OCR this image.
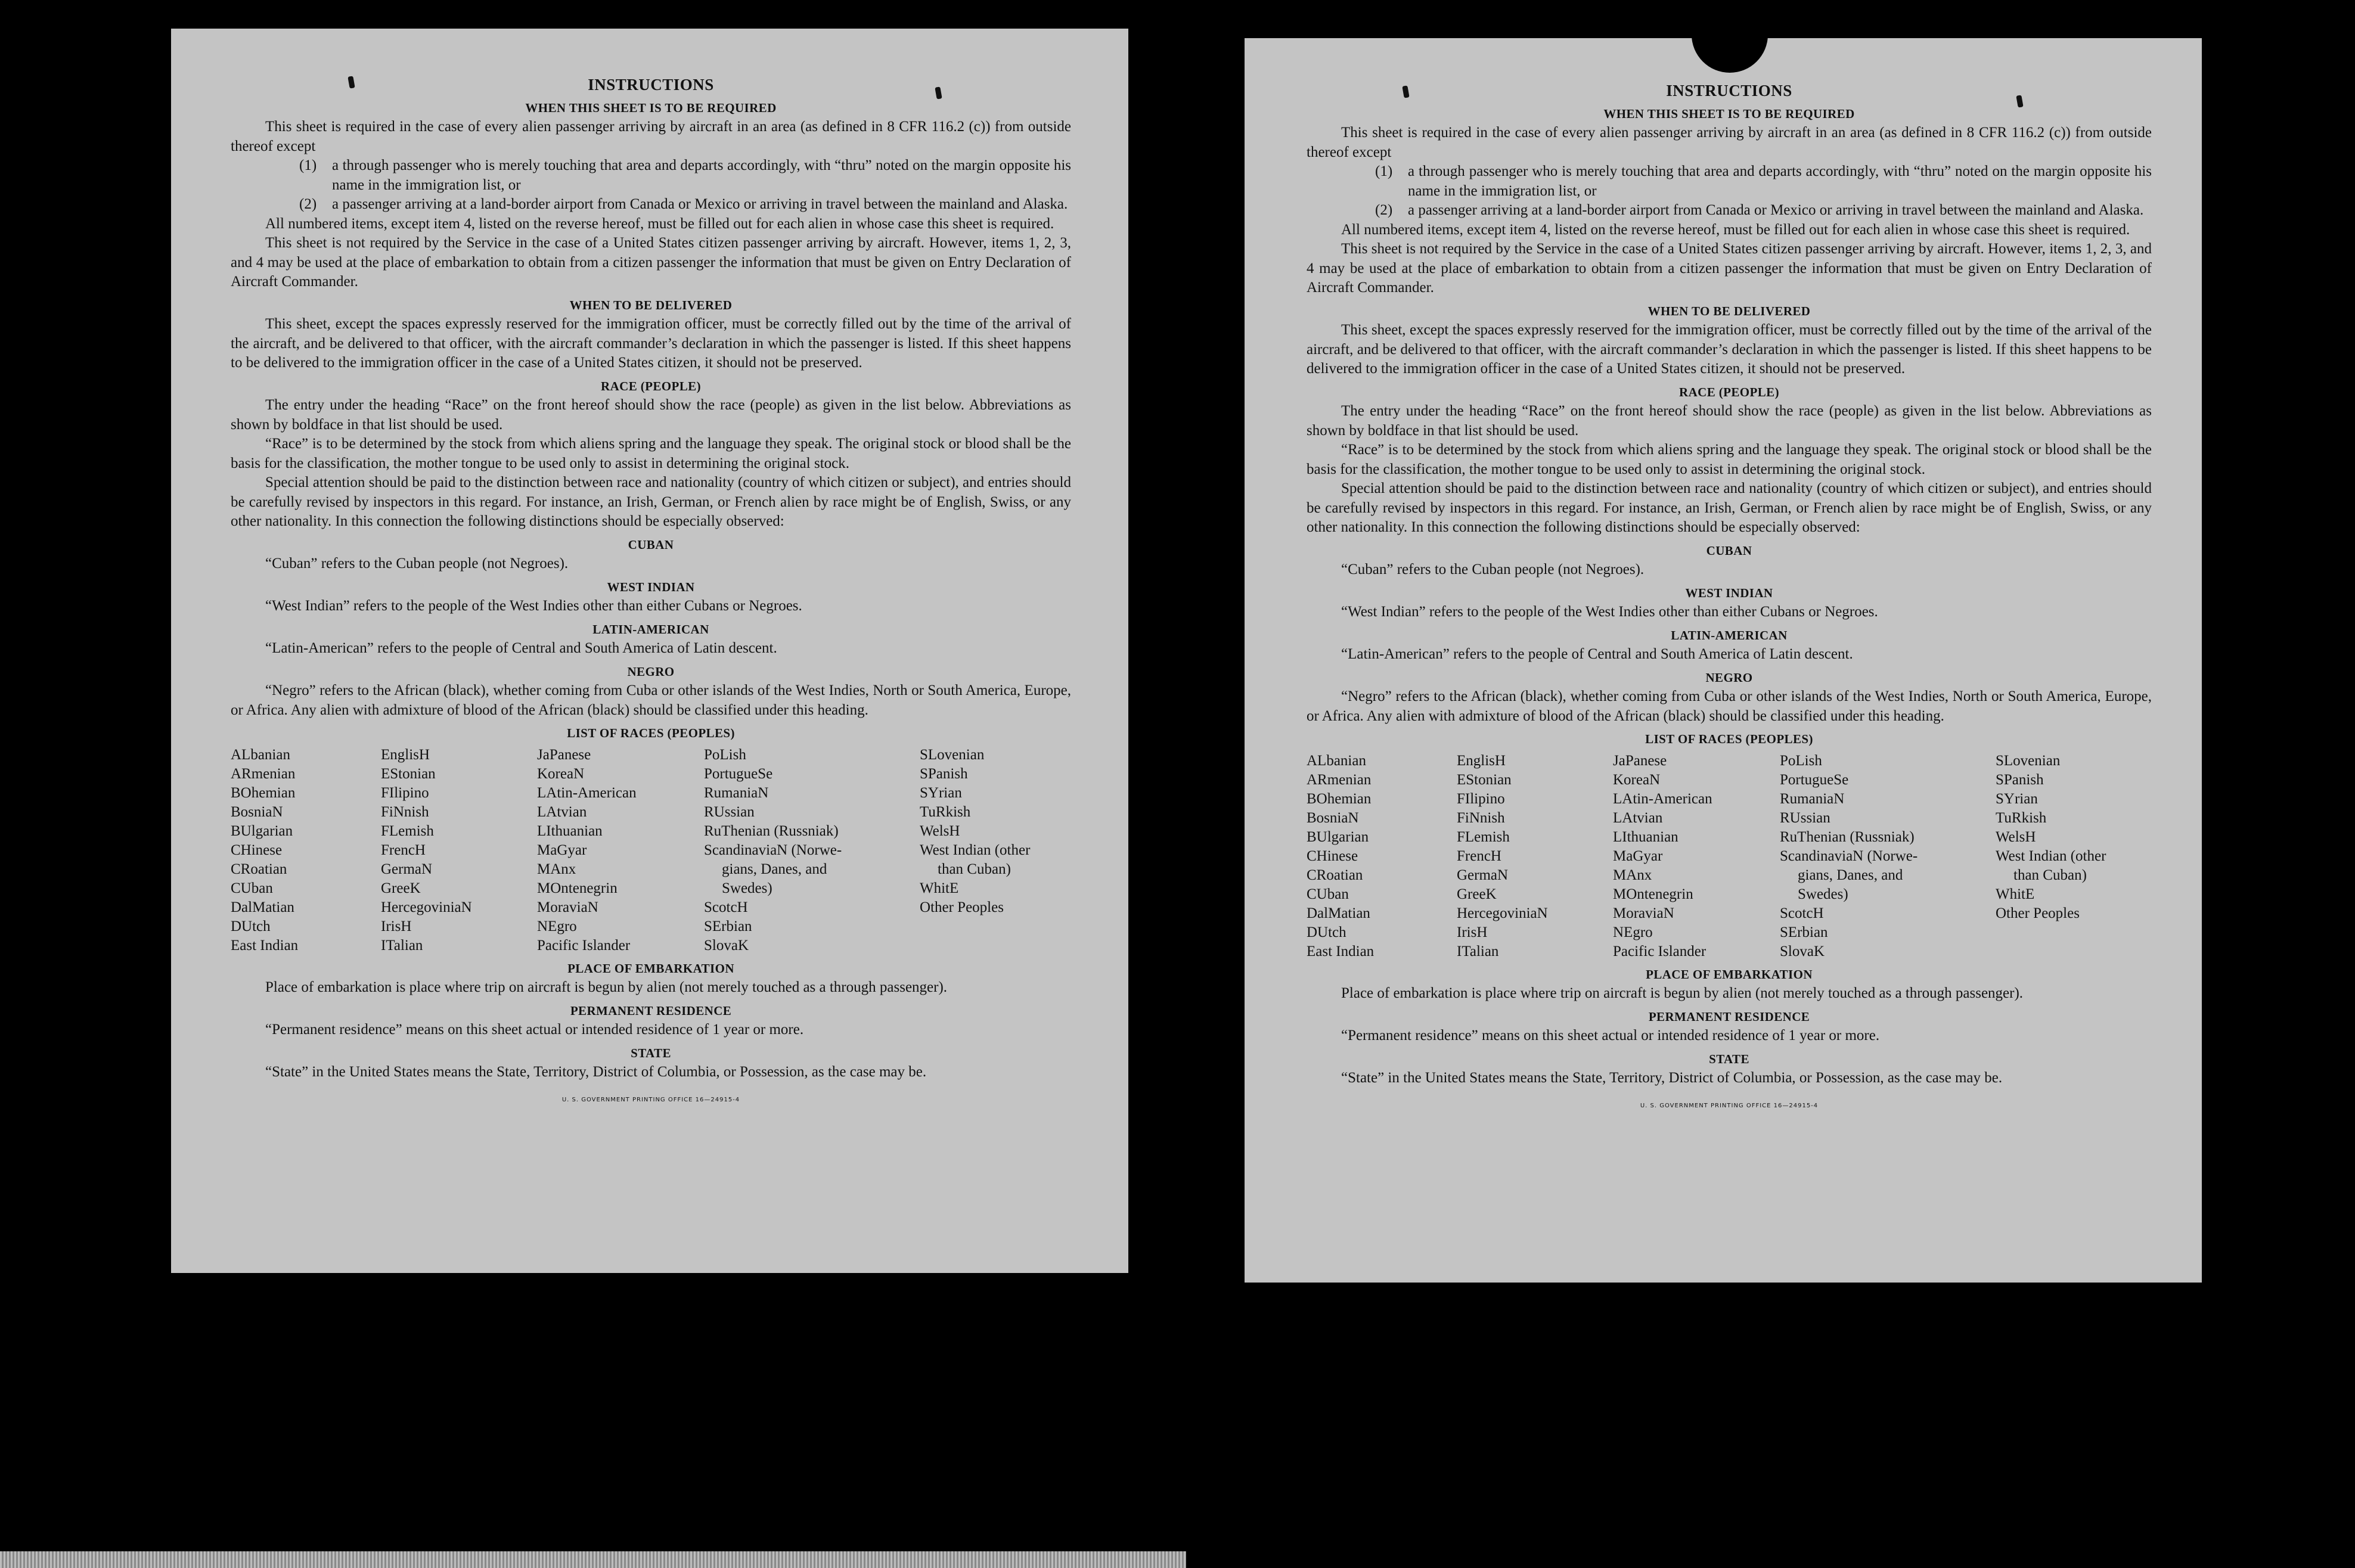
INSTRUCTIONS
WHEN THIS SHEET IS TO BE REQUIRED

This sheet is required in the case of every alien passenger arriving by aircraft in an area (as defined in 8 CFR 116.2 (c)) from outside thereof except

(1) a through passenger who is merely touching that area and departs accordingly, with “thru” noted on the margin opposite his name in the immigration list, or
(2) a passenger arriving at a land-border airport from Canada or Mexico or arriving in travel between the mainland and Alaska.

All numbered items, except item 4, listed on the reverse hereof, must be filled out for each alien in whose case this sheet is required.

This sheet is not required by the Service in the case of a United States citizen passenger arriving by aircraft. However, items 1, 2, 3, and 4 may be used at the place of embarkation to obtain from a citizen passenger the information that must be given on Entry Declaration of Aircraft Commander.

WHEN TO BE DELIVERED

This sheet, except the spaces expressly reserved for the immigration officer, must be correctly filled out by the time of the arrival of the aircraft, and be delivered to that officer, with the aircraft commander’s declaration in which the passenger is listed. If this sheet happens to be delivered to the immigration officer in the case of a United States citizen, it should not be preserved.

RACE (PEOPLE)

The entry under the heading “Race” on the front hereof should show the race (people) as given in the list below. Abbreviations as shown by boldface in that list should be used.

“Race” is to be determined by the stock from which aliens spring and the language they speak. The original stock or blood shall be the basis for the classification, the mother tongue to be used only to assist in determining the original stock.

Special attention should be paid to the distinction between race and nationality (country of which citizen or subject), and entries should be carefully revised by inspectors in this regard. For instance, an Irish, German, or French alien by race might be of English, Swiss, or any other nationality. In this connection the following distinctions should be especially observed:

CUBAN

“Cuban” refers to the Cuban people (not Negroes).

WEST INDIAN

“West Indian” refers to the people of the West Indies other than either Cubans or Negroes.

LATIN-AMERICAN

“Latin-American” refers to the people of Central and South America of Latin descent.

NEGRO

“Negro” refers to the African (black), whether coming from Cuba or other islands of the West Indies, North or South America, Europe, or Africa. Any alien with admixture of blood of the African (black) should be classified under this heading.

LIST OF RACES (PEOPLES)
ALbanian
ARmenian
BOhemian
BosniaN
BUlgarian
CHinese
CRoatian
CUban
DalMatian
DUtch
East Indian
EnglisH
EStonian
FIlipino
FiNnish
FLemish
FrencH
GermaN
GreeK
HercegoviniaN
IrisH
ITalian
JaPanese
KoreaN
LAtin-American
LAtvian
LIthuanian
MaGyar
MAnx
MOntenegrin
MoraviaN
NEgro
Pacific Islander
PoLish
PortugueSe
RumaniaN
RUssian
RuThenian (Russniak)
ScandinaviaN (Norwe-
gians, Danes, and
Swedes)
ScotcH
SErbian
SlovaK
SLovenian
SPanish
SYrian
TuRkish
WelsH
West Indian (other
than Cuban)
WhitE
Other Peoples
PLACE OF EMBARKATION

Place of embarkation is place where trip on aircraft is begun by alien (not merely touched as a through passenger).

PERMANENT RESIDENCE

“Permanent residence” means on this sheet actual or intended residence of 1 year or more.

STATE

“State” in the United States means the State, Territory, District of Columbia, or Possession, as the case may be.

U. S. GOVERNMENT PRINTING OFFICE 16—24915-4
INSTRUCTIONS
WHEN THIS SHEET IS TO BE REQUIRED

This sheet is required in the case of every alien passenger arriving by aircraft in an area (as defined in 8 CFR 116.2 (c)) from outside thereof except

(1) a through passenger who is merely touching that area and departs accordingly, with “thru” noted on the margin opposite his name in the immigration list, or
(2) a passenger arriving at a land-border airport from Canada or Mexico or arriving in travel between the mainland and Alaska.

All numbered items, except item 4, listed on the reverse hereof, must be filled out for each alien in whose case this sheet is required.

This sheet is not required by the Service in the case of a United States citizen passenger arriving by aircraft. However, items 1, 2, 3, and 4 may be used at the place of embarkation to obtain from a citizen passenger the information that must be given on Entry Declaration of Aircraft Commander.

WHEN TO BE DELIVERED

This sheet, except the spaces expressly reserved for the immigration officer, must be correctly filled out by the time of the arrival of the aircraft, and be delivered to that officer, with the aircraft commander’s declaration in which the passenger is listed. If this sheet happens to be delivered to the immigration officer in the case of a United States citizen, it should not be preserved.

RACE (PEOPLE)

The entry under the heading “Race” on the front hereof should show the race (people) as given in the list below. Abbreviations as shown by boldface in that list should be used.

“Race” is to be determined by the stock from which aliens spring and the language they speak. The original stock or blood shall be the basis for the classification, the mother tongue to be used only to assist in determining the original stock.

Special attention should be paid to the distinction between race and nationality (country of which citizen or subject), and entries should be carefully revised by inspectors in this regard. For instance, an Irish, German, or French alien by race might be of English, Swiss, or any other nationality. In this connection the following distinctions should be especially observed:

CUBAN

“Cuban” refers to the Cuban people (not Negroes).

WEST INDIAN

“West Indian” refers to the people of the West Indies other than either Cubans or Negroes.

LATIN-AMERICAN

“Latin-American” refers to the people of Central and South America of Latin descent.

NEGRO

“Negro” refers to the African (black), whether coming from Cuba or other islands of the West Indies, North or South America, Europe, or Africa. Any alien with admixture of blood of the African (black) should be classified under this heading.

LIST OF RACES (PEOPLES)
ALbanian
ARmenian
BOhemian
BosniaN
BUlgarian
CHinese
CRoatian
CUban
DalMatian
DUtch
East Indian
EnglisH
EStonian
FIlipino
FiNnish
FLemish
FrencH
GermaN
GreeK
HercegoviniaN
IrisH
ITalian
JaPanese
KoreaN
LAtin-American
LAtvian
LIthuanian
MaGyar
MAnx
MOntenegrin
MoraviaN
NEgro
Pacific Islander
PoLish
PortugueSe
RumaniaN
RUssian
RuThenian (Russniak)
ScandinaviaN (Norwe-
gians, Danes, and
Swedes)
ScotcH
SErbian
SlovaK
SLovenian
SPanish
SYrian
TuRkish
WelsH
West Indian (other
than Cuban)
WhitE
Other Peoples
PLACE OF EMBARKATION

Place of embarkation is place where trip on aircraft is begun by alien (not merely touched as a through passenger).

PERMANENT RESIDENCE

“Permanent residence” means on this sheet actual or intended residence of 1 year or more.

STATE

“State” in the United States means the State, Territory, District of Columbia, or Possession, as the case may be.

U. S. GOVERNMENT PRINTING OFFICE 16—24915-4
